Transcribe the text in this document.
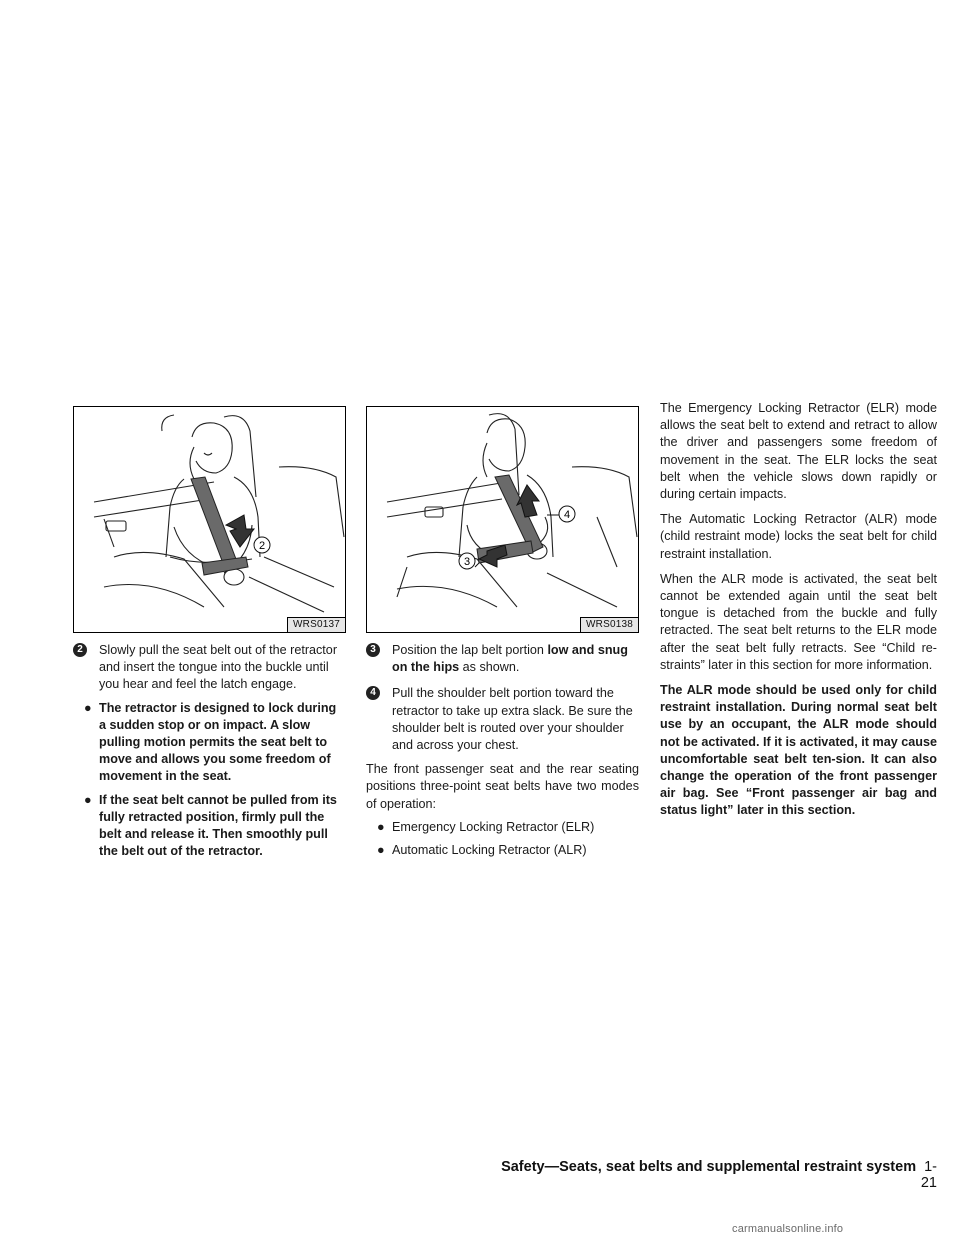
2
WRS0137
2	Slowly pull the seat belt out of the retractor and insert the tongue into the buckle until you hear and feel the latch engage.
● The retractor is designed to lock during a sudden stop or on impact. A slow pulling motion permits the seat belt to move and allows you some freedom of movement in the seat.
● If the seat belt cannot be pulled from its fully retracted position, firmly pull the belt and release it. Then smoothly pull the belt out of the retractor.
4
3
WRS0138
3	Position the lap belt portion low and snug on the hips as shown.
4	Pull the shoulder belt portion toward the retractor to take up extra slack. Be sure the shoulder belt is routed over your shoulder and across your chest.
The front passenger seat and the rear seating positions three-point seat belts have two modes of operation:
● Emergency Locking Retractor (ELR)
● Automatic Locking Retractor (ALR)
The Emergency Locking Retractor (ELR) mode allows the seat belt to extend and retract to allow the driver and passengers some freedom of movement in the seat. The ELR locks the seat belt when the vehicle slows down rapidly or during certain impacts.
The Automatic Locking Retractor (ALR) mode (child restraint mode) locks the seat belt for child restraint installation.
When the ALR mode is activated, the seat belt cannot be extended again until the seat belt tongue is detached from the buckle and fully retracted. The seat belt returns to the ELR mode after the seat belt fully retracts. See “Child re-straints” later in this section for more information.
The ALR mode should be used only for child restraint installation. During normal seat belt use by an occupant, the ALR mode should not be activated. If it is activated, it may cause uncomfortable seat belt ten-sion. It can also change the operation of the front passenger air bag. See “Front passenger air bag and status light” later in this section.
Safety—Seats, seat belts and supplemental restraint system 1-21
carmanualsonline.info
